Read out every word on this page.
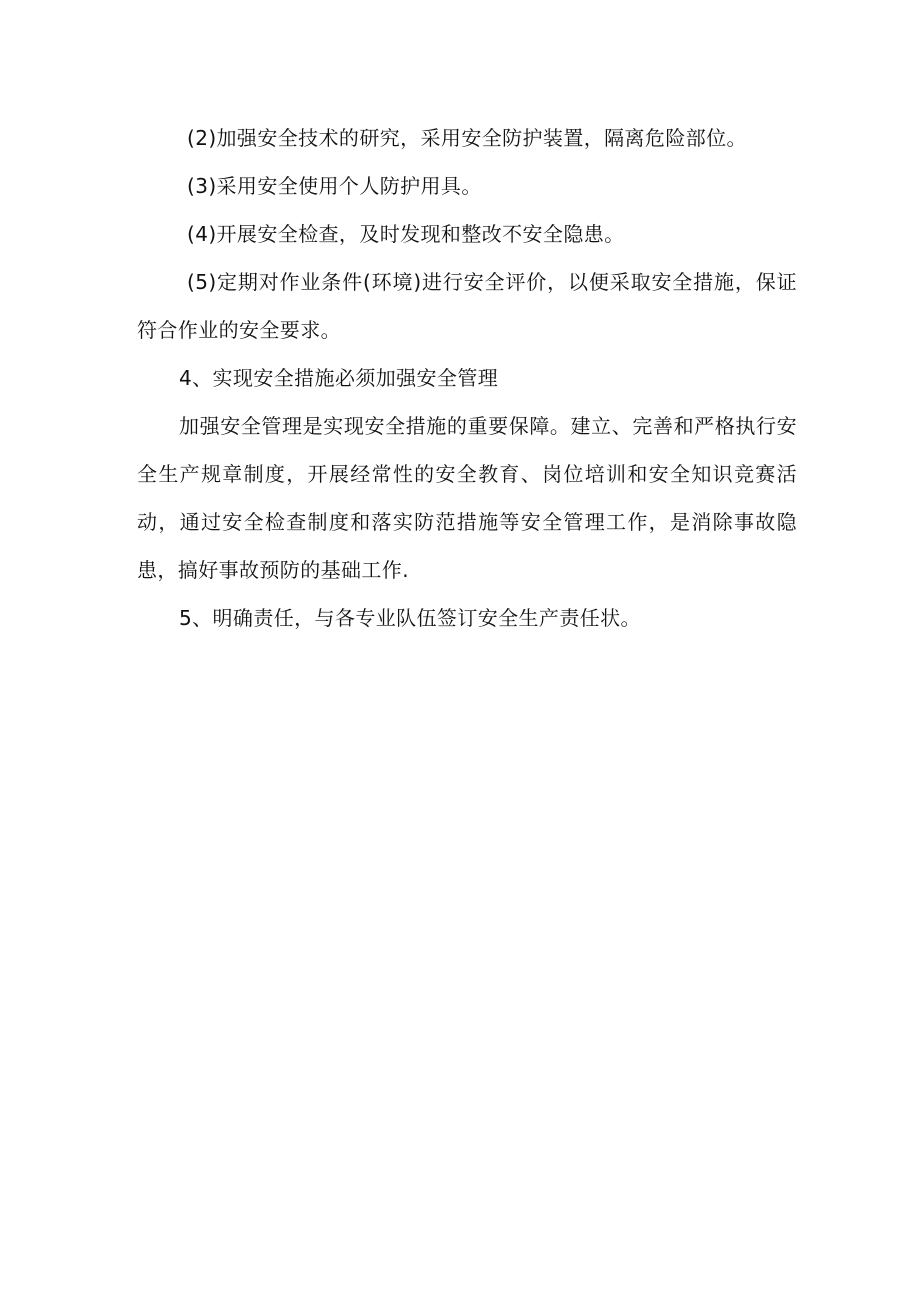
(2)加强安全技术的研究，采用安全防护装置，隔离危险部位。

(3)采用安全使用个人防护用具。

(4)开展安全检查，及时发现和整改不安全隐患。

(5)定期对作业条件(环境)进行安全评价，以便采取安全措施，保证符合作业的安全要求。

4、实现安全措施必须加强安全管理

加强安全管理是实现安全措施的重要保障。建立、完善和严格执行安全生产规章制度，开展经常性的安全教育、岗位培训和安全知识竞赛活动，通过安全检查制度和落实防范措施等安全管理工作，是消除事故隐患，搞好事故预防的基础工作.

5、明确责任，与各专业队伍签订安全生产责任状。
